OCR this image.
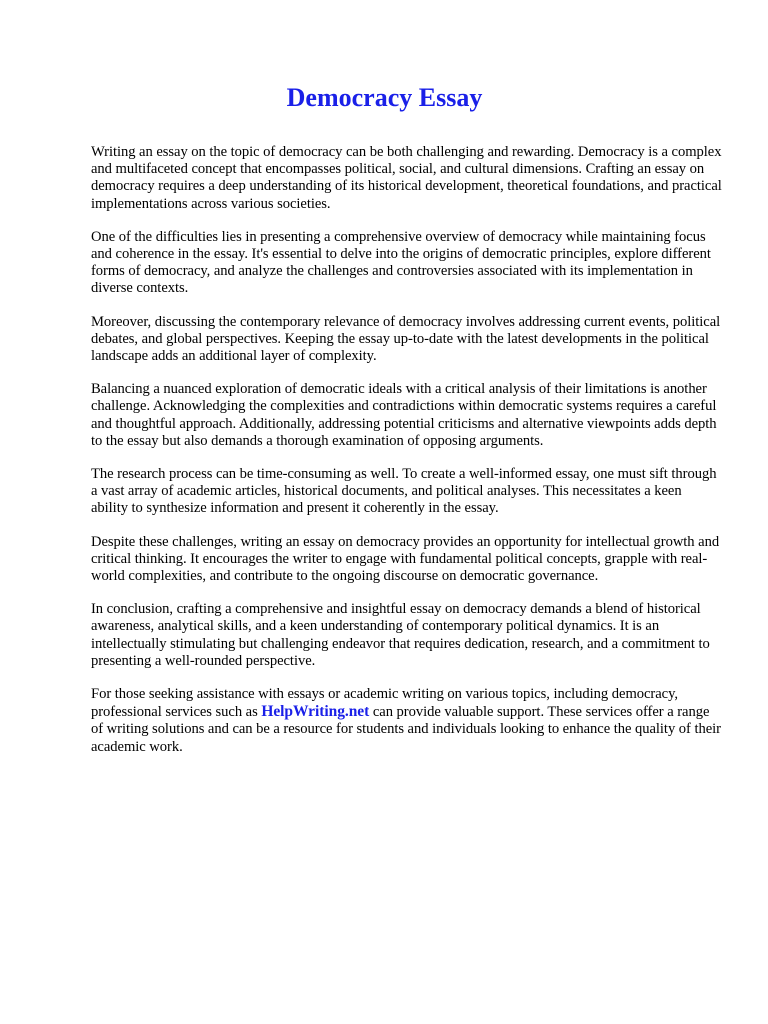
Democracy Essay

Writing an essay on the topic of democracy can be both challenging and rewarding. Democracy is a complex and multifaceted concept that encompasses political, social, and cultural dimensions. Crafting an essay on democracy requires a deep understanding of its historical development, theoretical foundations, and practical implementations across various societies.

One of the difficulties lies in presenting a comprehensive overview of democracy while maintaining focus and coherence in the essay. It's essential to delve into the origins of democratic principles, explore different forms of democracy, and analyze the challenges and controversies associated with its implementation in diverse contexts.

Moreover, discussing the contemporary relevance of democracy involves addressing current events, political debates, and global perspectives. Keeping the essay up-to-date with the latest developments in the political landscape adds an additional layer of complexity.

Balancing a nuanced exploration of democratic ideals with a critical analysis of their limitations is another challenge. Acknowledging the complexities and contradictions within democratic systems requires a careful and thoughtful approach. Additionally, addressing potential criticisms and alternative viewpoints adds depth to the essay but also demands a thorough examination of opposing arguments.

The research process can be time-consuming as well. To create a well-informed essay, one must sift through a vast array of academic articles, historical documents, and political analyses. This necessitates a keen ability to synthesize information and present it coherently in the essay.

Despite these challenges, writing an essay on democracy provides an opportunity for intellectual growth and critical thinking. It encourages the writer to engage with fundamental political concepts, grapple with real-world complexities, and contribute to the ongoing discourse on democratic governance.

In conclusion, crafting a comprehensive and insightful essay on democracy demands a blend of historical awareness, analytical skills, and a keen understanding of contemporary political dynamics. It is an intellectually stimulating but challenging endeavor that requires dedication, research, and a commitment to presenting a well-rounded perspective.

For those seeking assistance with essays or academic writing on various topics, including democracy, professional services such as HelpWriting.net can provide valuable support. These services offer a range of writing solutions and can be a resource for students and individuals looking to enhance the quality of their academic work.
